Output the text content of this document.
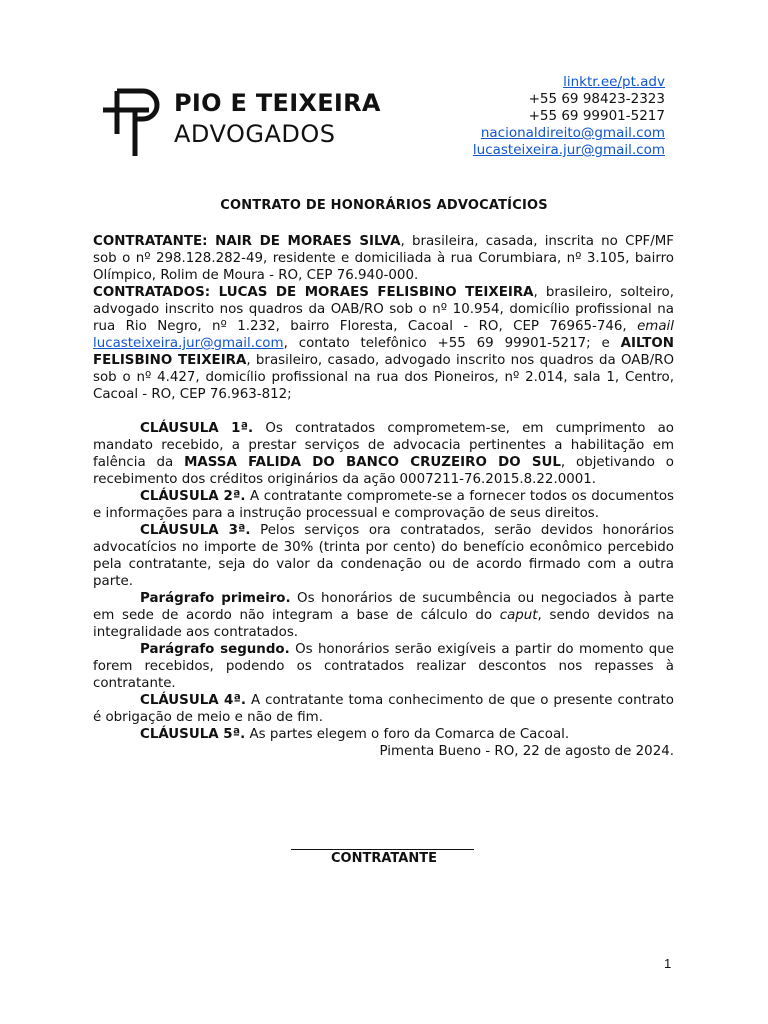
PIO E TEIXEIRA
ADVOGADOS
linktr.ee/pt.adv
+55 69 98423-2323
+55 69 99901-5217
nacionaldireito@gmail.com
lucasteixeira.jur@gmail.com
CONTRATO DE HONORÁRIOS ADVOCATÍCIOS

CONTRATANTE: NAIR DE MORAES SILVA, brasileira, casada, inscrita no CPF/MF sob o nº 298.128.282-49, residente e domiciliada à rua Corumbiara, nº 3.105, bairro Olímpico, Rolim de Moura - RO, CEP 76.940-000.

CONTRATADOS: LUCAS DE MORAES FELISBINO TEIXEIRA, brasileiro, solteiro, advogado inscrito nos quadros da OAB/RO sob o nº 10.954, domicílio profissional na rua Rio Negro, nº 1.232, bairro Floresta, Cacoal - RO, CEP 76965-746, email lucasteixeira.jur@gmail.com, contato telefônico +55 69 99901-5217; e AILTON FELISBINO TEIXEIRA, brasileiro, casado, advogado inscrito nos quadros da OAB/RO sob o nº 4.427, domicílio profissional na rua dos Pioneiros, nº 2.014, sala 1, Centro, Cacoal - RO, CEP 76.963-812;

CLÁUSULA 1ª. Os contratados comprometem-se, em cumprimento ao mandato recebido, a prestar serviços de advocacia pertinentes a habilitação em falência da MASSA FALIDA DO BANCO CRUZEIRO DO SUL, objetivando o recebimento dos créditos originários da ação 0007211-76.2015.8.22.0001.

CLÁUSULA 2ª. A contratante compromete-se a fornecer todos os documentos e informações para a instrução processual e comprovação de seus direitos.

CLÁUSULA 3ª. Pelos serviços ora contratados, serão devidos honorários advocatícios no importe de 30% (trinta por cento) do benefício econômico percebido pela contratante, seja do valor da condenação ou de acordo firmado com a outra parte.

Parágrafo primeiro. Os honorários de sucumbência ou negociados à parte em sede de acordo não integram a base de cálculo do caput, sendo devidos na integralidade aos contratados.

Parágrafo segundo. Os honorários serão exigíveis a partir do momento que forem recebidos, podendo os contratados realizar descontos nos repasses à contratante.

CLÁUSULA 4ª. A contratante toma conhecimento de que o presente contrato é obrigação de meio e não de fim.

CLÁUSULA 5ª. As partes elegem o foro da Comarca de Cacoal.

Pimenta Bueno - RO, 22 de agosto de 2024.

CONTRATANTE
1
